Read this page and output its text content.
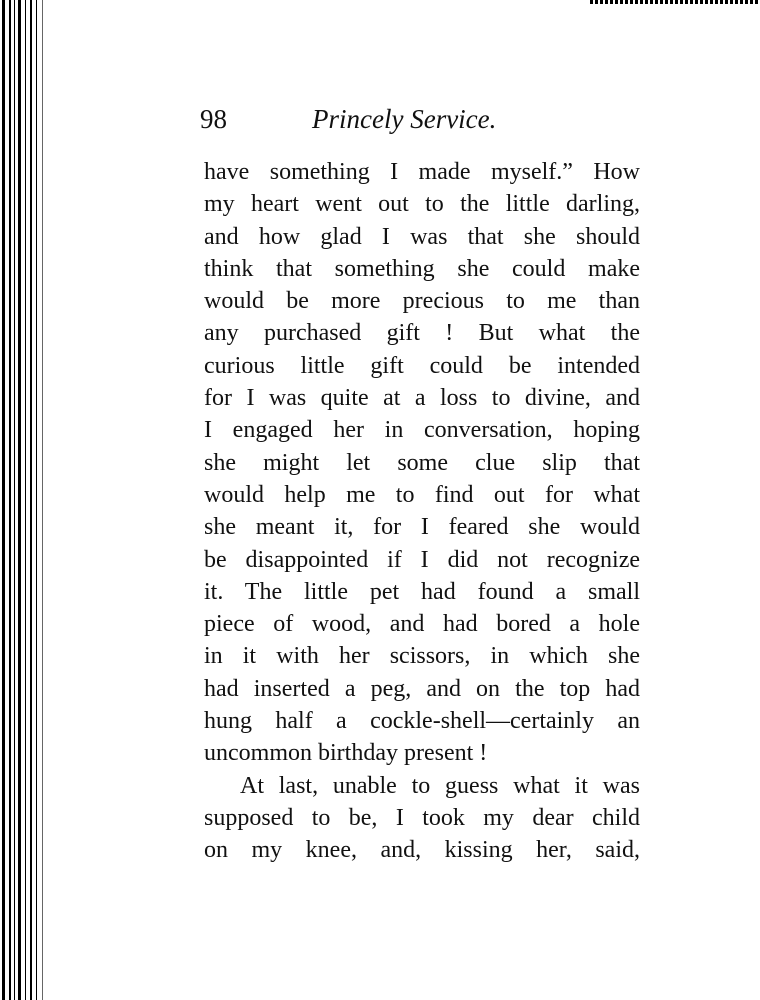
98	Princely Service.
have something I made myself.” How
my heart went out to the little darling,
and how glad I was that she should
think that something she could make
would be more precious to me than
any purchased gift ! But what the
curious little gift could be intended
for I was quite at a loss to divine, and
I engaged her in conversation, hoping
she might let some clue slip that
would help me to find out for what
she meant it, for I feared she would
be disappointed if I did not recognize
it. The little pet had found a small
piece of wood, and had bored a hole
in it with her scissors, in which she
had inserted a peg, and on the top had
hung half a cockle-shell—certainly an
uncommon birthday present !
At last, unable to guess what it was
supposed to be, I took my dear child
on my knee, and, kissing her, said,
